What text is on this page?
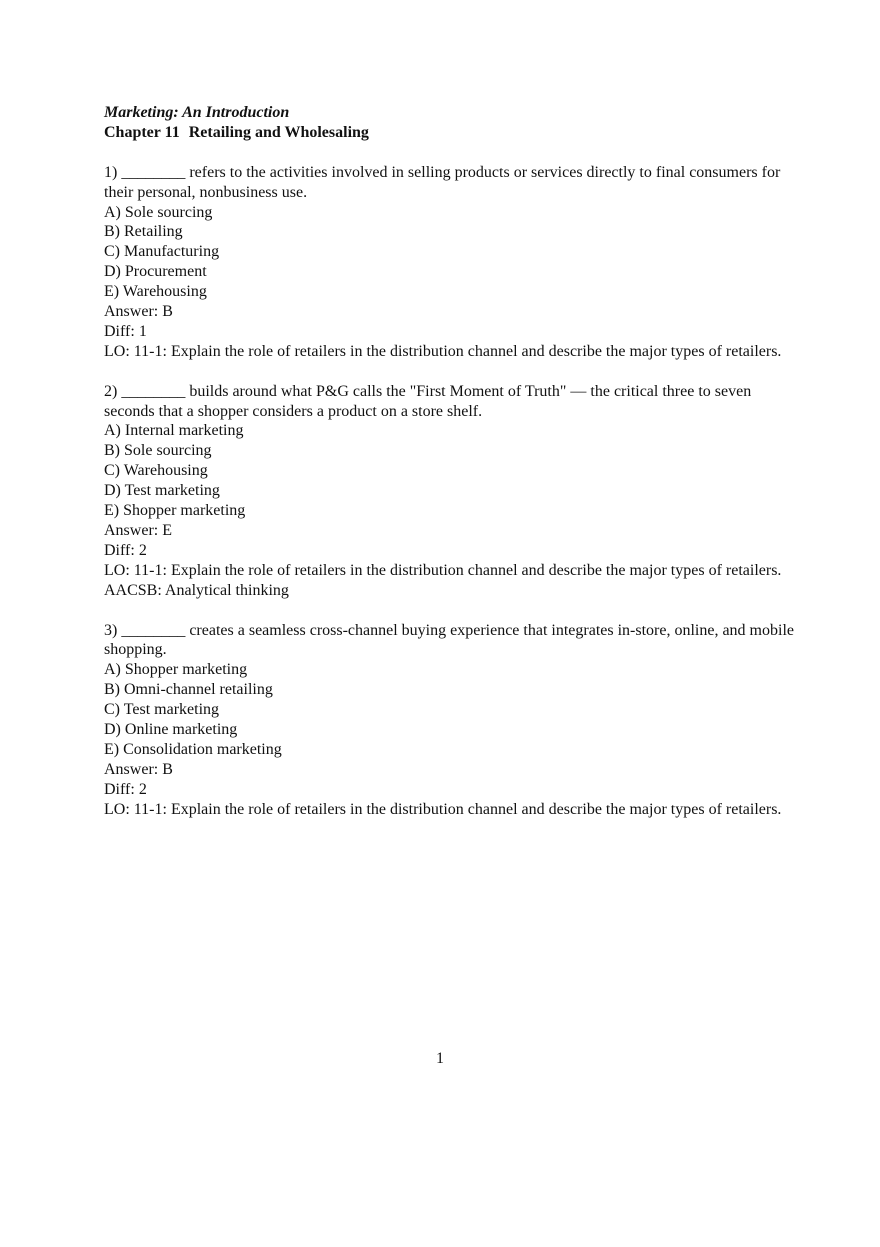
Marketing: An Introduction

Chapter 11 Retailing and Wholesaling

1) ________ refers to the activities involved in selling products or services directly to final consumers for their personal, nonbusiness use.

A) Sole sourcing
B) Retailing
C) Manufacturing
D) Procurement
E) Warehousing
Answer: B
Diff: 1
LO: 11-1: Explain the role of retailers in the distribution channel and describe the major types of retailers.

2) ________ builds around what P&G calls the "First Moment of Truth" — the critical three to seven seconds that a shopper considers a product on a store shelf.

A) Internal marketing
B) Sole sourcing
C) Warehousing
D) Test marketing
E) Shopper marketing
Answer: E
Diff: 2
LO: 11-1: Explain the role of retailers in the distribution channel and describe the major types of retailers.
AACSB: Analytical thinking

3) ________ creates a seamless cross-channel buying experience that integrates in-store, online, and mobile shopping.

A) Shopper marketing
B) Omni-channel retailing
C) Test marketing
D) Online marketing
E) Consolidation marketing
Answer: B
Diff: 2
LO: 11-1: Explain the role of retailers in the distribution channel and describe the major types of retailers.
1
